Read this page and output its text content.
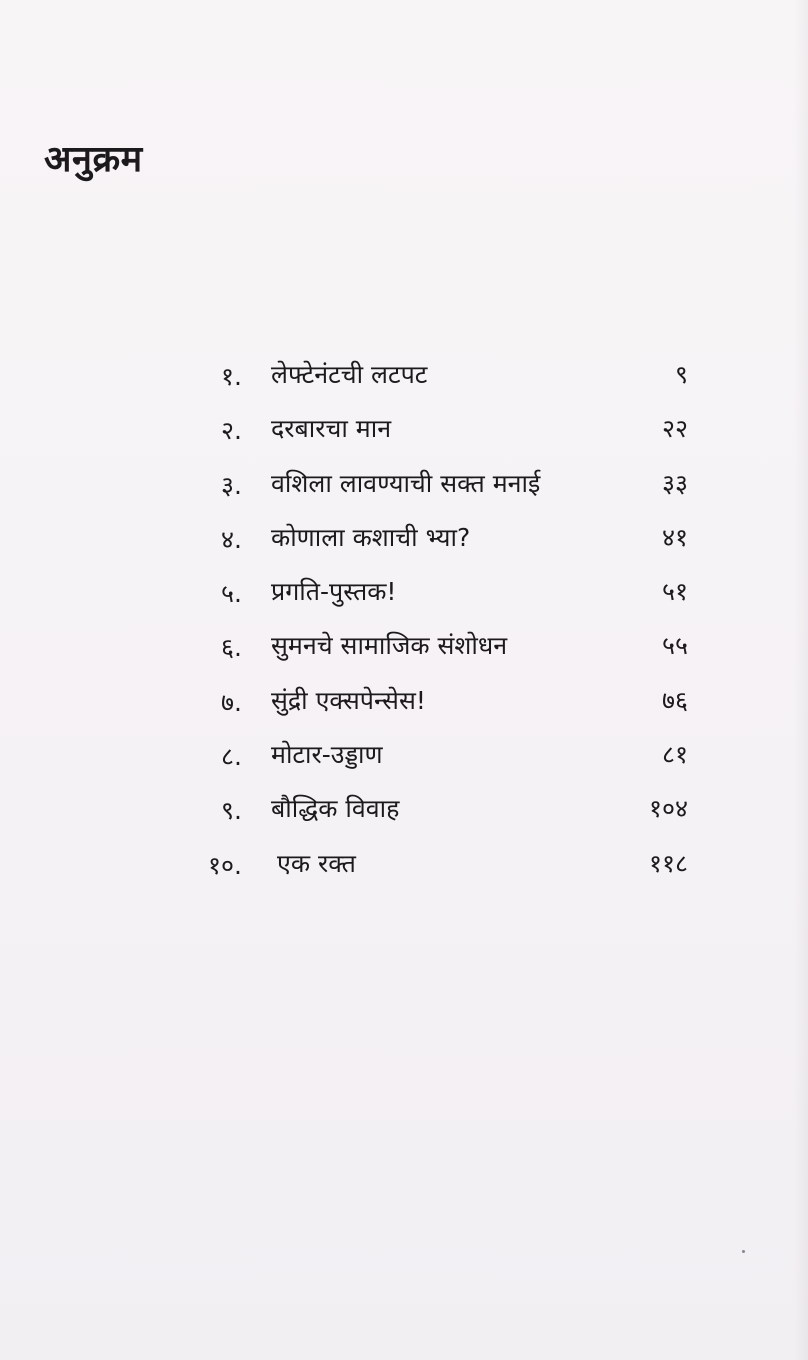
अनुक्रम
१. लेफ्टेनंटची लटपट	९
२. दरबारचा मान	२२
३. वशिला लावण्याची सक्त मनाई	३३
४. कोणाला कशाची भ्या?	४१
५. प्रगति-पुस्तक!	५१
६. सुमनचे सामाजिक संशोधन	५५
७. सुंद्री एक्सपेन्सेस!	७६
८. मोटार-उड्डाण	८१
९. बौद्धिक विवाह	१०४
१०. एक रक्त	११८
